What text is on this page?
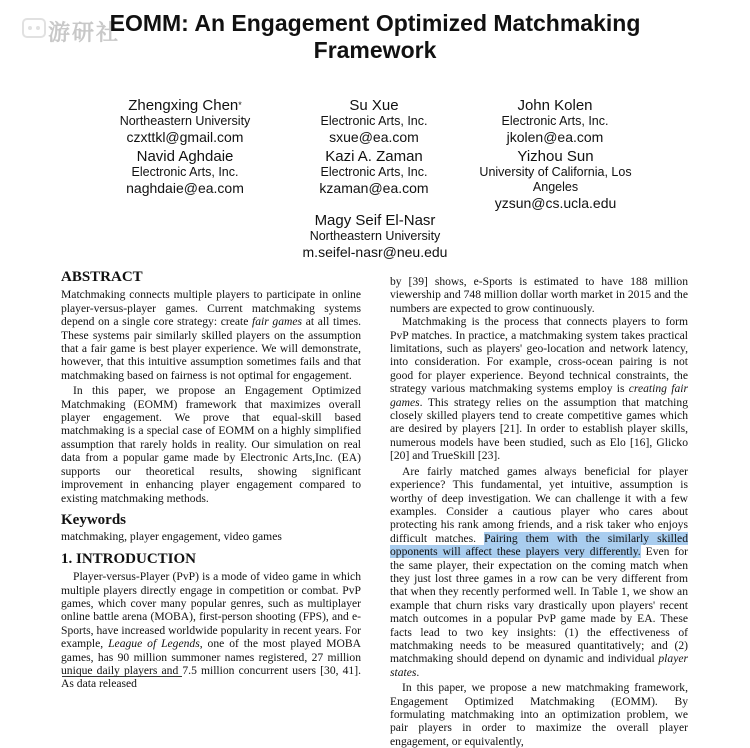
游研社
EOMM: An Engagement Optimized Matchmaking
Framework
Zhengxing Chen*
Northeastern University
czxttkl@gmail.com
Su Xue
Electronic Arts, Inc.
sxue@ea.com
John Kolen
Electronic Arts, Inc.
jkolen@ea.com
Navid Aghdaie
Electronic Arts, Inc.
naghdaie@ea.com
Kazi A. Zaman
Electronic Arts, Inc.
kzaman@ea.com
Yizhou Sun
University of California, Los
Angeles
yzsun@cs.ucla.edu
Magy Seif El-Nasr
Northeastern University
m.seifel-nasr@neu.edu
ABSTRACT

Matchmaking connects multiple players to participate in online player-versus-player games. Current matchmaking systems depend on a single core strategy: create fair games at all times. These systems pair similarly skilled players on the assumption that a fair game is best player experience. We will demonstrate, however, that this intuitive assumption sometimes fails and that matchmaking based on fairness is not optimal for engagement.

In this paper, we propose an Engagement Optimized Matchmaking (EOMM) framework that maximizes overall player engagement. We prove that equal-skill based matchmaking is a special case of EOMM on a highly simplified assumption that rarely holds in reality. Our simulation on real data from a popular game made by Electronic Arts,Inc. (EA) supports our theoretical results, showing significant improvement in enhancing player engagement compared to existing matchmaking methods.

Keywords

matchmaking, player engagement, video games

1. INTRODUCTION

Player-versus-Player (PvP) is a mode of video game in which multiple players directly engage in competition or combat. PvP games, which cover many popular genres, such as multiplayer online battle arena (MOBA), first-person shooting (FPS), and e-Sports, have increased worldwide popularity in recent years. For example, League of Legends, one of the most played MOBA games, has 90 million summoner names registered, 27 million unique daily players and 7.5 million concurrent users [30, 41]. As data released

by [39] shows, e-Sports is estimated to have 188 million viewership and 748 million dollar worth market in 2015 and the numbers are expected to grow continuously.

Matchmaking is the process that connects players to form PvP matches. In practice, a matchmaking system takes practical limitations, such as players' geo-location and network latency, into consideration. For example, cross-ocean pairing is not good for player experience. Beyond technical constraints, the strategy various matchmaking systems employ is creating fair games. This strategy relies on the assumption that matching closely skilled players tend to create competitive games which are desired by players [21]. In order to establish player skills, numerous models have been studied, such as Elo [16], Glicko [20] and TrueSkill [23].

Are fairly matched games always beneficial for player experience? This fundamental, yet intuitive, assumption is worthy of deep investigation. We can challenge it with a few examples. Consider a cautious player who cares about protecting his rank among friends, and a risk taker who enjoys difficult matches. Pairing them with the similarly skilled opponents will affect these players very differently. Even for the same player, their expectation on the coming match when they just lost three games in a row can be very different from that when they recently performed well. In Table 1, we show an example that churn risks vary drastically upon players' recent match outcomes in a popular PvP game made by EA. These facts lead to two key insights: (1) the effectiveness of matchmaking needs to be measured quantitatively; and (2) matchmaking should depend on dynamic and individual player states.

In this paper, we propose a new matchmaking framework, Engagement Optimized Matchmaking (EOMM). By formulating matchmaking into an optimization problem, we pair players in order to maximize the overall player engagement, or equivalently,
